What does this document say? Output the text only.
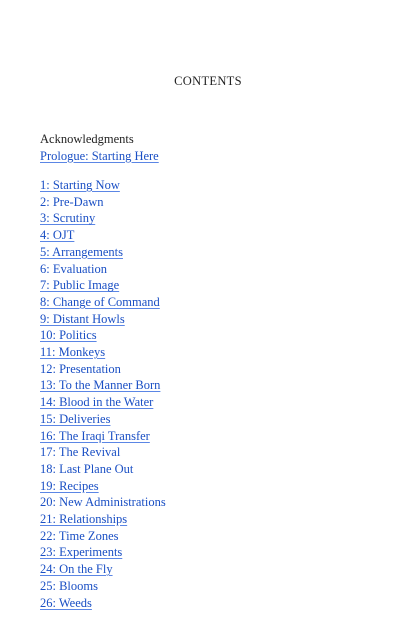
CONTENTS
Acknowledgments
Prologue: Starting Here
1: Starting Now
2: Pre-Dawn
3: Scrutiny
4: OJT
5: Arrangements
6: Evaluation
7: Public Image
8: Change of Command
9: Distant Howls
10: Politics
11: Monkeys
12: Presentation
13: To the Manner Born
14: Blood in the Water
15: Deliveries
16: The Iraqi Transfer
17: The Revival
18: Last Plane Out
19: Recipes
20: New Administrations
21: Relationships
22: Time Zones
23: Experiments
24: On the Fly
25: Blooms
26: Weeds
